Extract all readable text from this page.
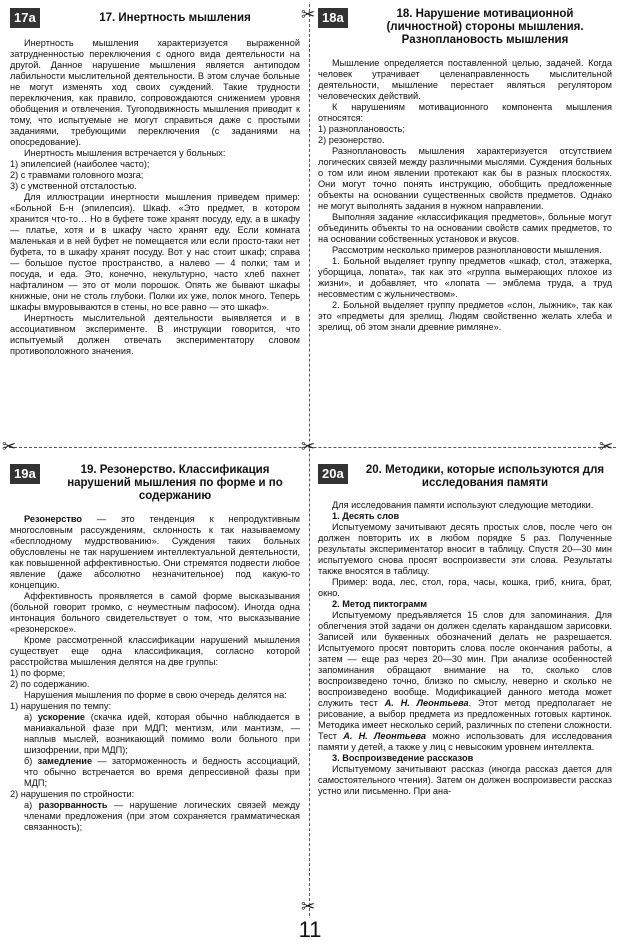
✂
✂	✂	✂
✂
17a	17. Инертность мышления

Инертность мышления характеризуется выраженной затрудненностью переключения с одного вида деятельности на другой. Данное нарушение мышления является антиподом лабильности мыслительной деятельности. В этом случае больные не могут изменять ход своих суждений. Такие трудности переключения, как правило, сопровождаются снижением уровня обобщения и отвлечения. Тугоподвижность мышления приводит к тому, что испытуемые не могут справиться даже с простыми заданиями, требующими переключения (с заданиями на опосредование).

Инертность мышления встречается у больных:

1) эпилепсией (наиболее часто);
2) с травмами головного мозга;
3) с умственной отсталостью.

Для иллюстрации инертности мышления приведем пример: «Больной Б-н (эпилепсия). Шкаф. «Это предмет, в котором хранится что-то… Но в буфете тоже хранят посуду, еду, а в шкафу — платье, хотя и в шкафу часто хранят еду. Если комната маленькая и в ней буфет не помещается или если просто-таки нет буфета, то в шкафу хранят посуду. Вот у нас стоит шкаф; справа — большое пустое пространство, а налево — 4 полки; там и посуда, и еда. Это, конечно, некультурно, часто хлеб пахнет нафталином — это от моли порошок. Опять же бывают шкафы книжные, они не столь глубоки. Полки их уже, полок много. Теперь шкафы вмуровываются в стены, но все равно — это шкаф».

Инертность мыслительной деятельности выявляется и в ассоциативном эксперименте. В инструкции говорится, что испытуемый должен отвечать экспериментатору словом противоположного значения.

18a	18. Нарушение мотивационной (личностной) стороны мышления. Разноплановость мышления

Мышление определяется поставленной целью, задачей. Когда человек утрачивает целенаправленность мыслительной деятельности, мышление перестает являться регулятором человеческих действий.

К нарушениям мотивационного компонента мышления относятся:

1) разноплановость;
2) резонерство.

Разноплановость мышления характеризуется отсутствием логических связей между различными мыслями. Суждения больных о том или ином явлении протекают как бы в разных плоскостях. Они могут точно понять инструкцию, обобщить предложенные объекты на основании существенных свойств предметов. Однако не могут выполнять задания в нужном направлении.

Выполняя задание «классификация предметов», больные могут объединить объекты то на основании свойств самих предметов, то на основании собственных установок и вкусов.

Рассмотрим несколько примеров разноплановости мышления.

1. Больной выделяет группу предметов «шкаф, стол, этажерка, уборщица, лопата», так как это «группа вымерающих плохое из жизни», и добавляет, что «лопата — эмблема труда, а труд несовместим с жульничеством».

2. Больной выделяет группу предметов «слон, лыжник», так как это «предметы для зрелищ. Людям свойственно желать хлеба и зрелищ, об этом знали древние римляне».

19a	19. Резонерство. Классификация нарушений мышления по форме и по содержанию

Резонерство — это тенденция к непродуктивным многословным рассуждениям, склонность к так называемому «бесплодному мудрствованию». Суждения таких больных обусловлены не так нарушением интеллектуальной деятельности, как повышенной аффективностью. Они стремятся подвести любое явление (даже абсолютно незначительное) под какую-то концепцию.

Аффективность проявляется в самой форме высказывания (больной говорит громко, с неуместным пафосом). Иногда одна интонация больного свидетельствует о том, что высказывание «резонерское».

Кроме рассмотренной классификации нарушений мышления существует еще одна классификация, согласно которой расстройства мышления делятся на две группы:

1) по форме;
2) по содержанию.

Нарушения мышления по форме в свою очередь делятся на:

1) нарушения по темпу:
а) ускорение (скачка идей, которая обычно наблюдается в маниакальной фазе при МДП; ментизм, или мантизм, — наплыв мыслей, возникающий помимо воли больного при шизофрении, при МДП);
б) замедление — заторможенность и бедность ассоциаций, что обычно встречается во время депрессивной фазы при МДП;
2) нарушения по стройности:
а) разорванность — нарушение логических связей между членами предложения (при этом сохраняется грамматическая связанность);
20a	20. Методики, которые используются для исследования памяти

Для исследования памяти используют следующие методики.

1. Десять слов

Испытуемому зачитывают десять простых слов, после чего он должен повторить их в любом порядке 5 раз. Полученные результаты экспериментатор вносит в таблицу. Спустя 20—30 мин испытуемого снова просят воспроизвести эти слова. Результаты также вносятся в таблицу.

Пример: вода, лес, стол, гора, часы, кошка, гриб, книга, брат, окно.

2. Метод пиктограмм

Испытуемому предъявляется 15 слов для запоминания. Для облегчения этой задачи он должен сделать карандашом зарисовки. Записей или буквенных обозначений делать не разрешается. Испытуемого просят повторить слова после окончания работы, а затем — еще раз через 20—30 мин. При анализе особенностей запоминания обращают внимание на то, сколько слов воспроизведено точно, близко по смыслу, неверно и сколько не воспроизведено вообще. Модификацией данного метода может служить тест А. Н. Леонтьева. Этот метод предполагает не рисование, а выбор предмета из предложенных готовых картинок. Методика имеет несколько серий, различных по степени сложности. Тест А. Н. Леонтьева можно использовать для исследования памяти у детей, а также у лиц с невысоким уровнем интеллекта.

3. Воспроизведение рассказов

Испытуемому зачитывают рассказ (иногда рассказ дается для самостоятельного чтения). Затем он должен воспроизвести рассказ устно или письменно. При ана-

11
